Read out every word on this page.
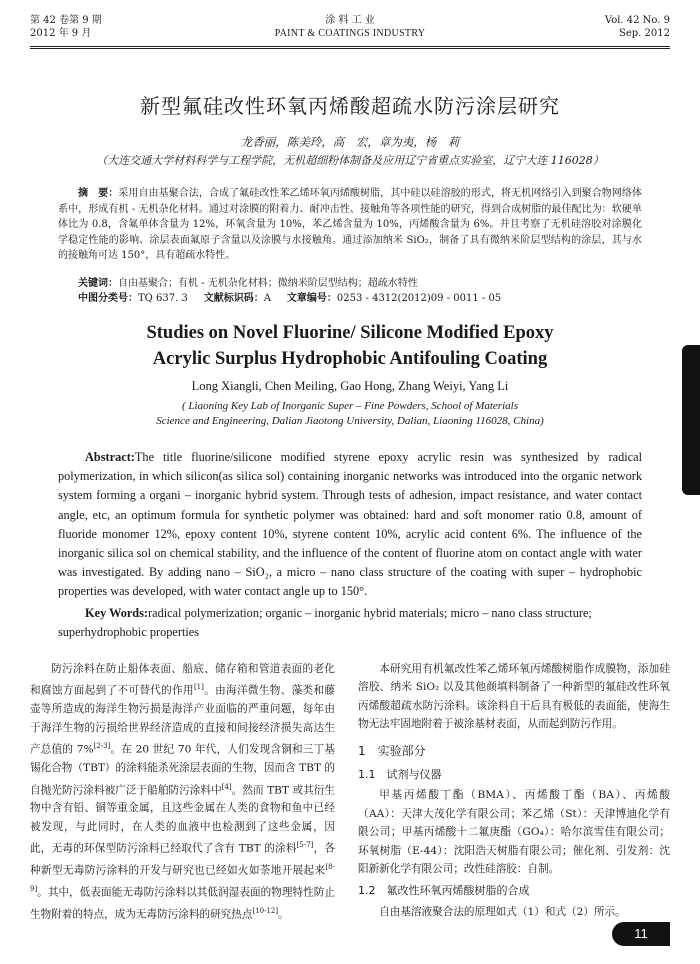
第 42 卷第 9 期
2012 年 9 月
涂 料 工 业
PAINT & COATINGS INDUSTRY
Vol. 42 No. 9
Sep. 2012
新型氟硅改性环氧丙烯酸超疏水防污涂层研究
龙香丽，陈美玲，高　宏，章为夷，杨　莉
（大连交通大学材料科学与工程学院，无机超细粉体制备及应用辽宁省重点实验室，辽宁大连 116028）
摘　要：采用自由基聚合法，合成了氟硅改性苯乙烯环氧丙烯酸树脂，其中硅以硅溶胶的形式，将无机网络引入到聚合物网络体系中，形成有机 - 无机杂化材料。通过对涂膜的附着力、耐冲击性、接触角等各项性能的研究，得到合成树脂的最佳配比为：软硬单体比为 0.8，含氟单体含量为 12%，环氧含量为 10%，苯乙烯含量为 10%，丙烯酸含量为 6%。并且考察了无机硅溶胶对涂膜化学稳定性能的影响、涂层表面氟原子含量以及涂膜与水接触角。通过添加纳米 SiO₂，制备了具有微纳米阶层型结构的涂层，其与水的接触角可达 150°，具有超疏水特性。
关键词：自由基聚合；有机 - 无机杂化材料；微纳米阶层型结构；超疏水特性
中图分类号：TQ 637. 3 文献标识码：A 文章编号：0253 - 4312(2012)09 - 0011 - 05
Studies on Novel Fluorine/ Silicone Modified Epoxy
Acrylic Surplus Hydrophobic Antifouling Coating
Long Xiangli, Chen Meiling, Gao Hong, Zhang Weiyi, Yang Li
( Liaoning Key Lab of Inorganic Super – Fine Powders, School of Materials
Science and Engineering, Dalian Jiaotong University, Dalian, Liaoning 116028, China)
Abstract:The title fluorine/silicone modified styrene epoxy acrylic resin was synthesized by radical polymerization, in which silicon(as silica sol) containing inorganic networks was introduced into the organic network system forming a organi – inorganic hybrid system. Through tests of adhesion, impact resistance, and water contact angle, etc, an optimum formula for synthetic polymer was obtained: hard and soft monomer ratio 0.8, amount of fluoride monomer 12%, epoxy content 10%, styrene content 10%, acrylic acid content 6%. The influence of the inorganic silica sol on chemical stability, and the influence of the content of fluorine atom on contact angle with water was investigated. By adding nano – SiO₂, a micro – nano class structure of the coating with super – hydrophobic properties was developed, with water contact angle up to 150°.
Key Words:radical polymerization; organic – inorganic hybrid materials; micro – nano class structure; superhydrophobic properties

防污涂料在防止船体表面、船底、储存箱和管道表面的老化和腐蚀方面起到了不可替代的作用[1]。由海洋微生物、藻类和藤壶等所造成的海洋生物污损是海洋产业面临的严重问题，每年由于海洋生物的污损给世界经济造成的直接和间接经济损失高达生产总值的 7%[2-3]。在 20 世纪 70 年代，人们发现含铜和三丁基锡化合物（TBT）的涂料能杀死涂层表面的生物，因而含 TBT 的自抛光防污涂料被广泛于船舶防污涂料中[4]。然而 TBT 或其衍生物中含有铅、铜等重金属，且这些金属在人类的食物和鱼中已经被发现，与此同时，在人类的血液中也检测到了这些金属，因此，无毒的环保型防污涂料已经取代了含有 TBT 的涂料[5-7]，各种新型无毒防污涂料的开发与研究也已经如火如荼地开展起来[8-9]。其中，低表面能无毒防污涂料以其低润湿表面的物理特性防止生物附着的特点，成为无毒防污涂料的研究热点[10-12]。

本研究用有机氟改性苯乙烯环氧丙烯酸树脂作成膜物，添加硅溶胶、纳米 SiO₂ 以及其他颜填料制备了一种新型的氟硅改性环氧丙烯酸超疏水防污涂料。该涂料自干后具有极低的表面能，使海生物无法牢固地附着于被涂基材表面，从而起到防污作用。

1　实验部分
1.1　试剂与仪器

甲基丙烯酸丁酯（BMA）、丙烯酸丁酯（BA）、丙烯酸（AA）：天津大茂化学有限公司；苯乙烯（St）：天津博迪化学有限公司；甲基丙烯酸十二氟庚酯（GO₄）：哈尔滨雪佳有限公司；环氧树脂（E-44）：沈阳浩天树脂有限公司；催化剂、引发剂：沈阳新新化学有限公司；改性硅溶胶：自制。

1.2　氟改性环氧丙烯酸树脂的合成

自由基溶液聚合法的原理如式（1）和式（2）所示。

11
